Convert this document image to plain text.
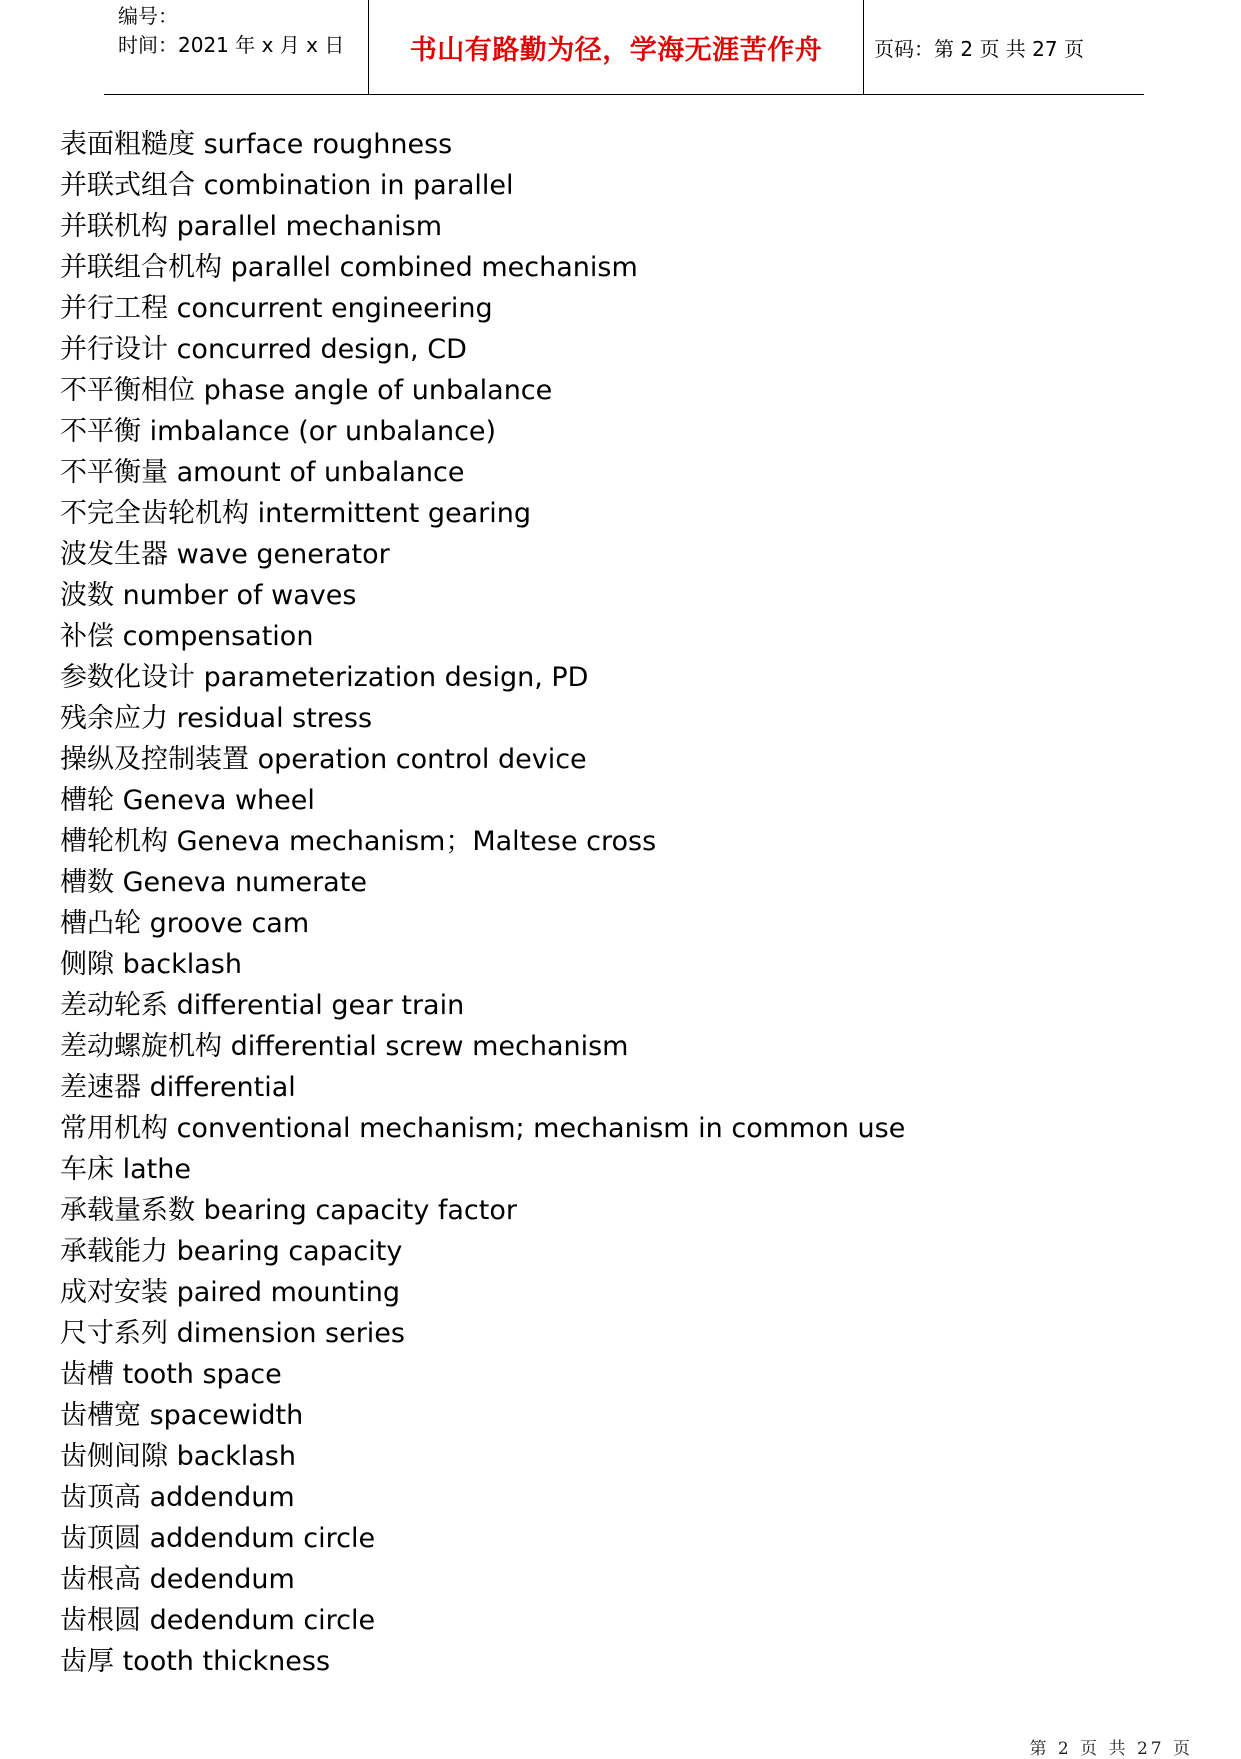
编号：
时间：2021 年 x 月 x 日 书山有路勤为径，学海无涯苦作舟	页码：第 2 页 共 27 页
表面粗糙度 surface roughness
并联式组合 combination in parallel
并联机构 parallel mechanism
并联组合机构 parallel combined mechanism
并行工程 concurrent engineering
并行设计 concurred design, CD
不平衡相位 phase angle of unbalance
不平衡 imbalance (or unbalance)
不平衡量 amount of unbalance
不完全齿轮机构 intermittent gearing
波发生器 wave generator
波数 number of waves
补偿 compensation
参数化设计 parameterization design, PD
残余应力 residual stress
操纵及控制装置 operation control device
槽轮 Geneva wheel
槽轮机构 Geneva mechanism；Maltese cross
槽数 Geneva numerate
槽凸轮 groove cam
侧隙 backlash
差动轮系 differential gear train
差动螺旋机构 differential screw mechanism
差速器 differential
常用机构 conventional mechanism; mechanism in common use
车床 lathe
承载量系数 bearing capacity factor
承载能力 bearing capacity
成对安装 paired mounting
尺寸系列 dimension series
齿槽 tooth space
齿槽宽 spacewidth
齿侧间隙 backlash
齿顶高 addendum
齿顶圆 addendum circle
齿根高 dedendum
齿根圆 dedendum circle
齿厚 tooth thickness
第 2 页 共 27 页
